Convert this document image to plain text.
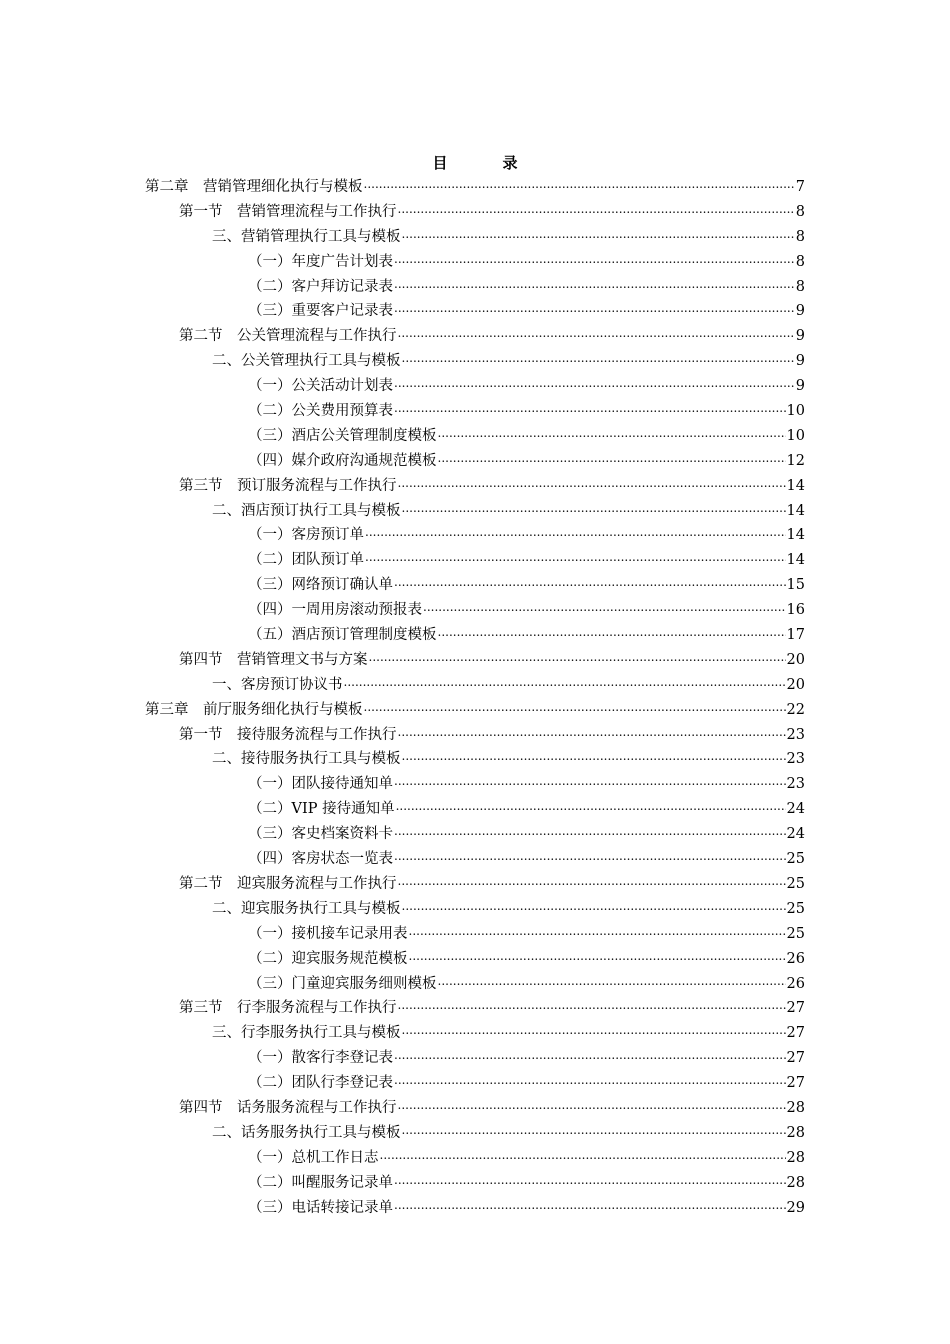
目　录
第二章　营销管理细化执行与模板 .....	7
第一节　营销管理流程与工作执行 .....	8
三、营销管理执行工具与模板 .....	8
（一）年度广告计划表 .....	8
（二）客户拜访记录表 .....	8
（三）重要客户记录表 .....	9
第二节　公关管理流程与工作执行 .....	9
二、公关管理执行工具与模板 .....	9
（一）公关活动计划表 .....	9
（二）公关费用预算表 .....	10
（三）酒店公关管理制度模板 .....	10
（四）媒介政府沟通规范模板 .....	12
第三节　预订服务流程与工作执行 .....	14
二、酒店预订执行工具与模板 .....	14
（一）客房预订单 .....	14
（二）团队预订单 .....	14
（三）网络预订确认单 .....	15
（四）一周用房滚动预报表 .....	16
（五）酒店预订管理制度模板 .....	17
第四节　营销管理文书与方案 .....	20
一、客房预订协议书 .....	20
第三章　前厅服务细化执行与模板 .....	22
第一节　接待服务流程与工作执行 .....	23
二、接待服务执行工具与模板 .....	23
（一）团队接待通知单 .....	23
（二）VIP 接待通知单 .....	24
（三）客史档案资料卡 .....	24
（四）客房状态一览表 .....	25
第二节　迎宾服务流程与工作执行 .....	25
二、迎宾服务执行工具与模板 .....	25
（一）接机接车记录用表 .....	25
（二）迎宾服务规范模板 .....	26
（三）门童迎宾服务细则模板 .....	26
第三节　行李服务流程与工作执行 .....	27
三、行李服务执行工具与模板 .....	27
（一）散客行李登记表 .....	27
（二）团队行李登记表 .....	27
第四节　话务服务流程与工作执行 .....	28
二、话务服务执行工具与模板 .....	28
（一）总机工作日志 .....	28
（二）叫醒服务记录单 .....	28
（三）电话转接记录单 .....	29
